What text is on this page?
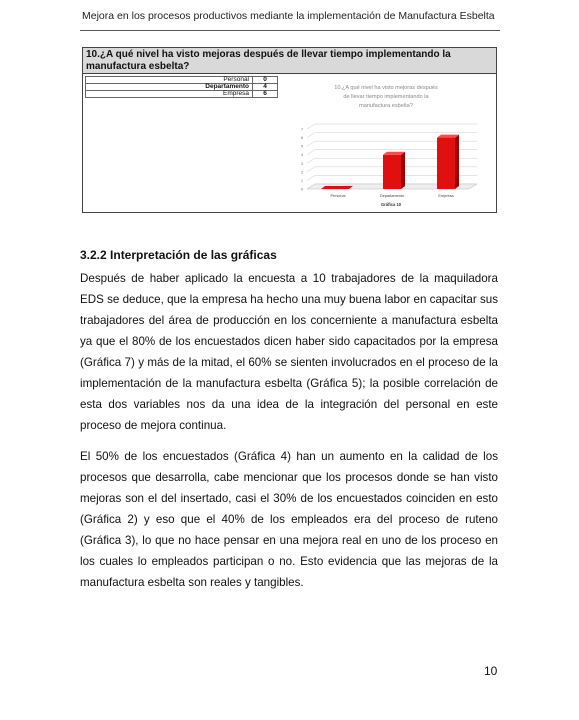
Mejora en los procesos productivos mediante la implementación de Manufactura Esbelta
10.¿A qué nivel ha visto mejoras después de llevar tiempo implementando la manufactura esbelta?
Personal	0
Departamento	4
Empresa	6
10.¿A qué nivel ha visto mejoras después
de llevar tiempo implementando la
manufactura esbelta?
0
1
2
3
4
5
6
7
Personal	Departamento	Empresa
Gráfica 10
3.2.2 Interpretación de las gráficas

Después de haber aplicado la encuesta a 10 trabajadores de la maquiladora EDS se deduce, que la empresa ha hecho una muy buena labor en capacitar sus trabajadores del área de producción en los concerniente a manufactura esbelta ya que el 80% de los encuestados dicen haber sido capacitados por la empresa (Gráfica 7) y más de la mitad, el 60% se sienten involucrados en el proceso de la implementación de la manufactura esbelta (Gráfica 5); la posible correlación de esta dos variables nos da una idea de la integración del personal en este proceso de mejora continua.

El 50% de los encuestados (Gráfica 4) han un aumento en la calidad de los procesos que desarrolla, cabe mencionar que los procesos donde se han visto mejoras son el del insertado, casi el 30% de los encuestados coinciden en esto (Gráfica 2) y eso que el 40% de los empleados era del proceso de ruteno (Gráfica 3), lo que no hace pensar en una mejora real en uno de los proceso en los cuales lo empleados participan o no. Esto evidencia que las mejoras de la manufactura esbelta son reales y tangibles.

10
